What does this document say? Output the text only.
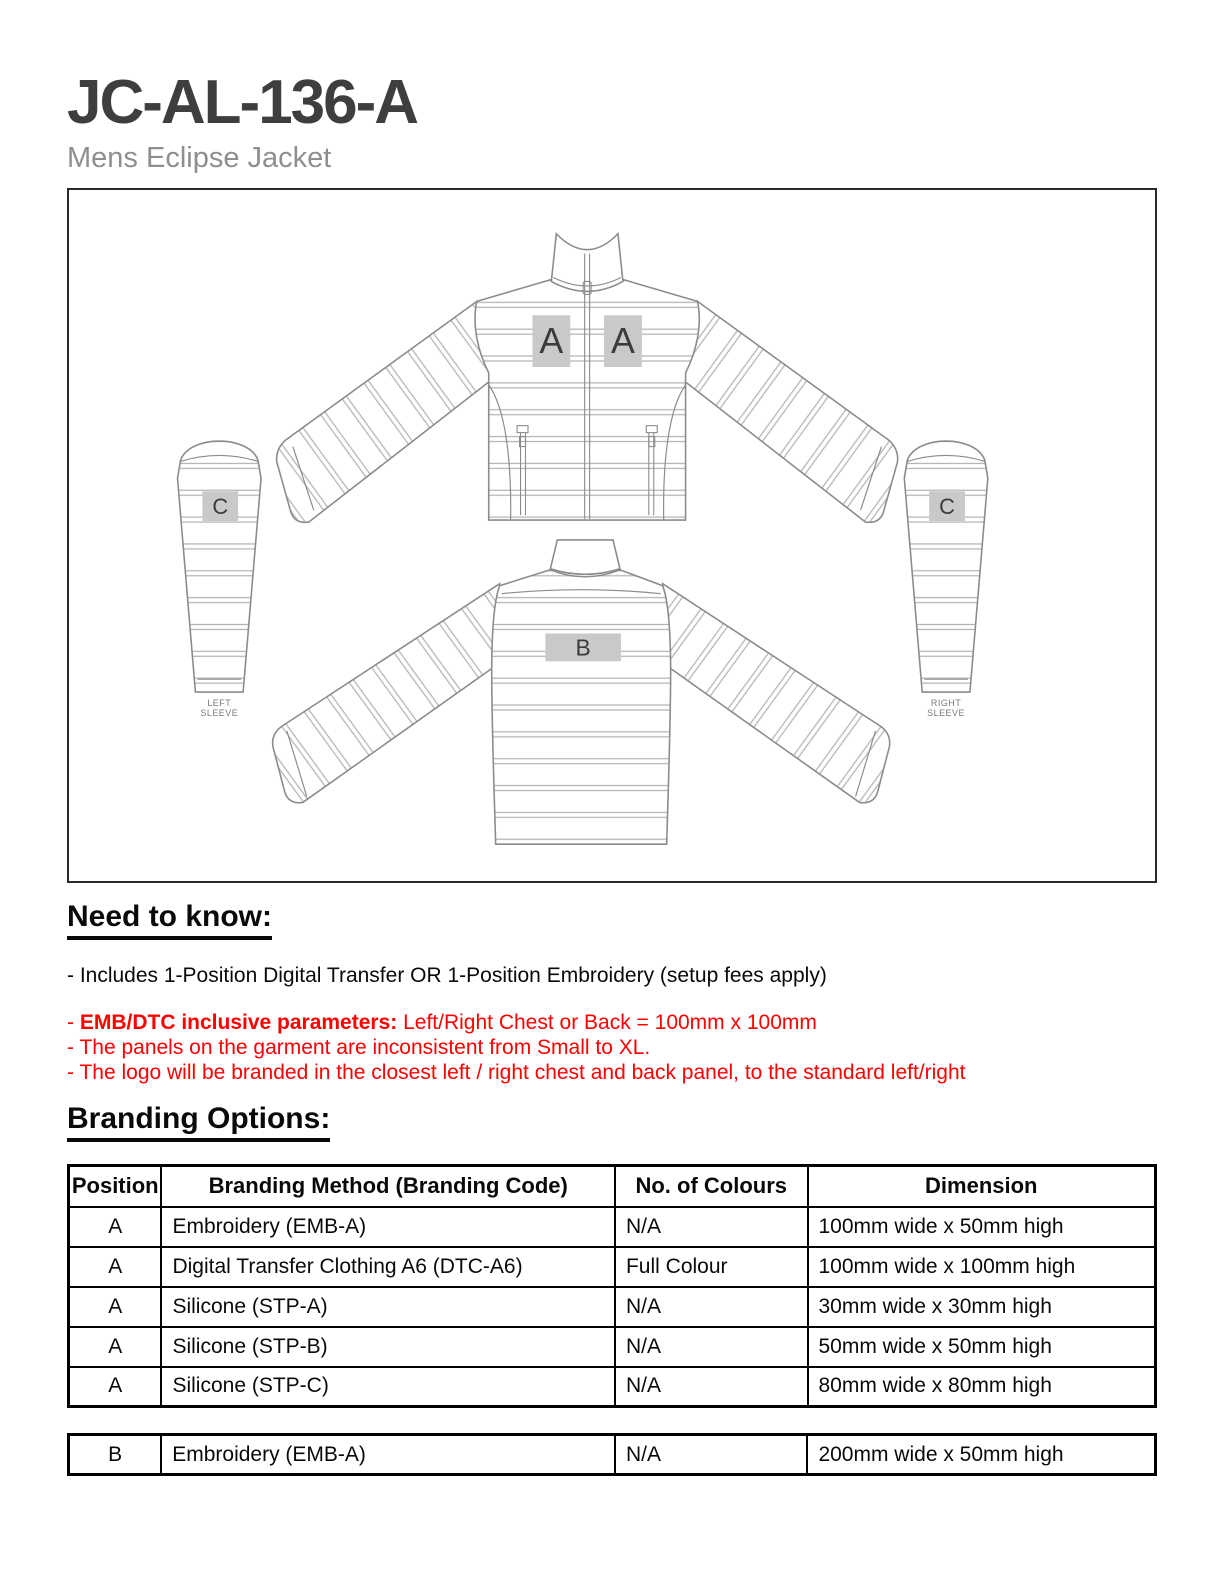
JC-AL-136-A
Mens Eclipse Jacket
A A
B
C
LEFT
SLEEVE
C
RIGHT
SLEEVE
Need to know:
- Includes 1-Position Digital Transfer OR 1-Position Embroidery (setup fees apply)
- EMB/DTC inclusive parameters: Left/Right Chest or Back = 100mm x 100mm
- The panels on the garment are inconsistent from Small to XL.
- The logo will be branded in the closest left / right chest and back panel, to the standard left/right
Branding Options:
Position	Branding Method (Branding Code)	No. of Colours	Dimension
A	Embroidery (EMB-A)	N/A	100mm wide x 50mm high
A	Digital Transfer Clothing A6 (DTC-A6)	Full Colour	100mm wide x 100mm high
A	Silicone (STP-A)	N/A	30mm wide x 30mm high
A	Silicone (STP-B)	N/A	50mm wide x 50mm high
A	Silicone (STP-C)	N/A	80mm wide x 80mm high
B	Embroidery (EMB-A)	N/A	200mm wide x 50mm high
